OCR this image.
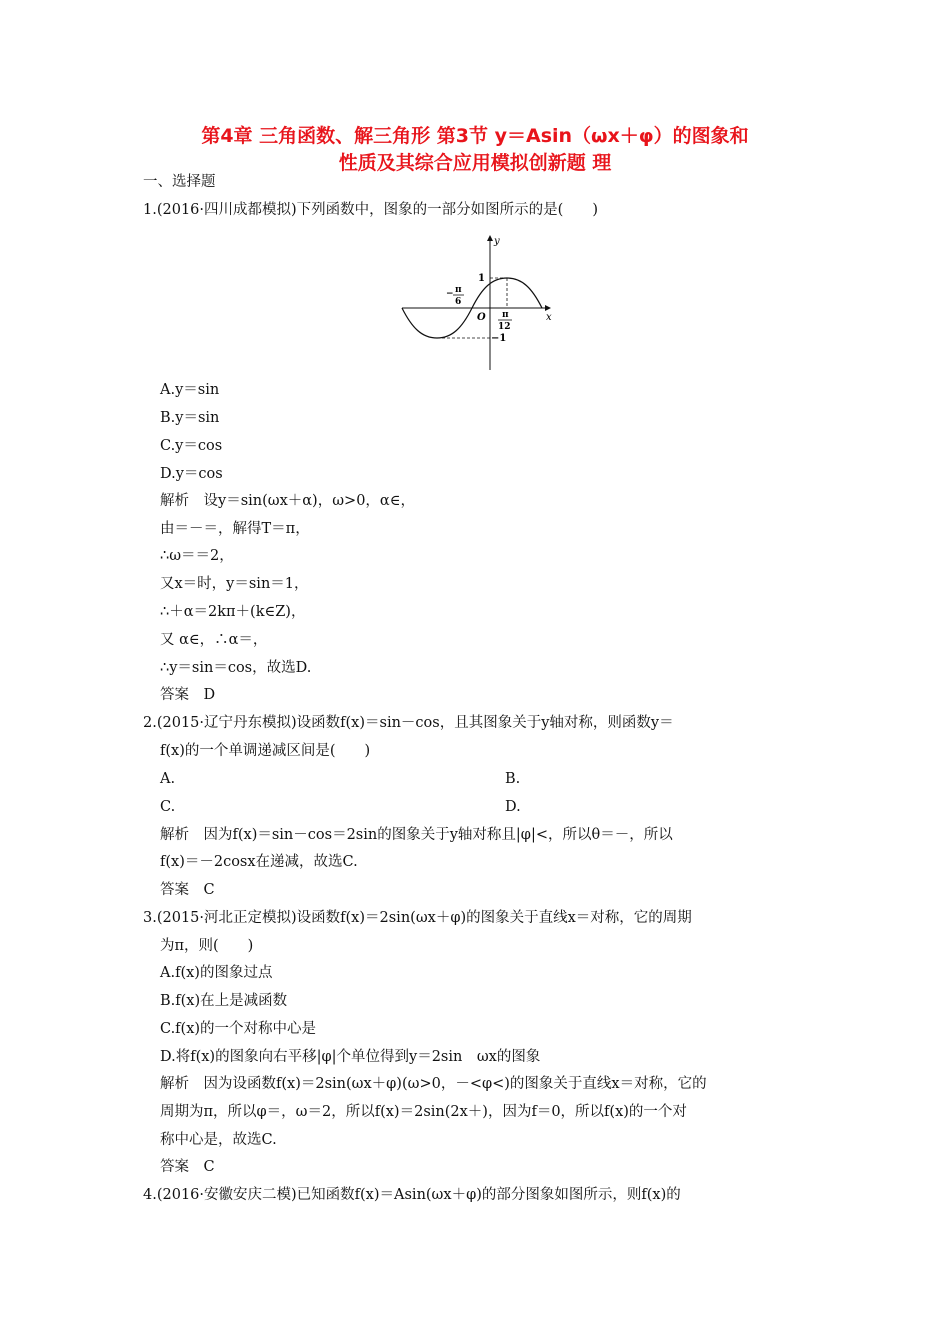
第4章 三角函数、解三角形 第3节 y＝Asin（ωx＋φ）的图象和
性质及其综合应用模拟创新题 理
一、选择题
1.(2016·四川成都模拟)下列函数中，图象的一部分如图所示的是(　　)
y
x
O
1
−1
− π
6
π
12
A.y＝sin
B.y＝sin
C.y＝cos
D.y＝cos
解析　设y＝sin(ωx＋α)，ω>0，α∈，
由＝－＝，解得T＝π，
∴ω＝＝2，
又x＝时，y＝sin＝1，
∴＋α＝2kπ＋(k∈Z)，
又 α∈，∴α＝，
∴y＝sin＝cos，故选D.
答案　D
2.(2015·辽宁丹东模拟)设函数f(x)＝sin－cos，且其图象关于y轴对称，则函数y＝
f(x)的一个单调递减区间是(　　)
A.	B.
C.	D.
解析　因为f(x)＝sin－cos＝2sin的图象关于y轴对称且|φ|<，所以θ＝－，所以
f(x)＝－2cosx在递减，故选C.
答案　C
3.(2015·河北正定模拟)设函数f(x)＝2sin(ωx＋φ)的图象关于直线x＝对称，它的周期
为π，则(　　)
A.f(x)的图象过点
B.f(x)在上是减函数
C.f(x)的一个对称中心是
D.将f(x)的图象向右平移|φ|个单位得到y＝2sin　ωx的图象
解析　因为设函数f(x)＝2sin(ωx＋φ)(ω>0，－<φ<)的图象关于直线x＝对称，它的
周期为π，所以φ＝，ω＝2，所以f(x)＝2sin(2x＋)，因为f＝0，所以f(x)的一个对
称中心是，故选C.
答案　C
4.(2016·安徽安庆二模)已知函数f(x)＝Asin(ωx＋φ)的部分图象如图所示，则f(x)的
